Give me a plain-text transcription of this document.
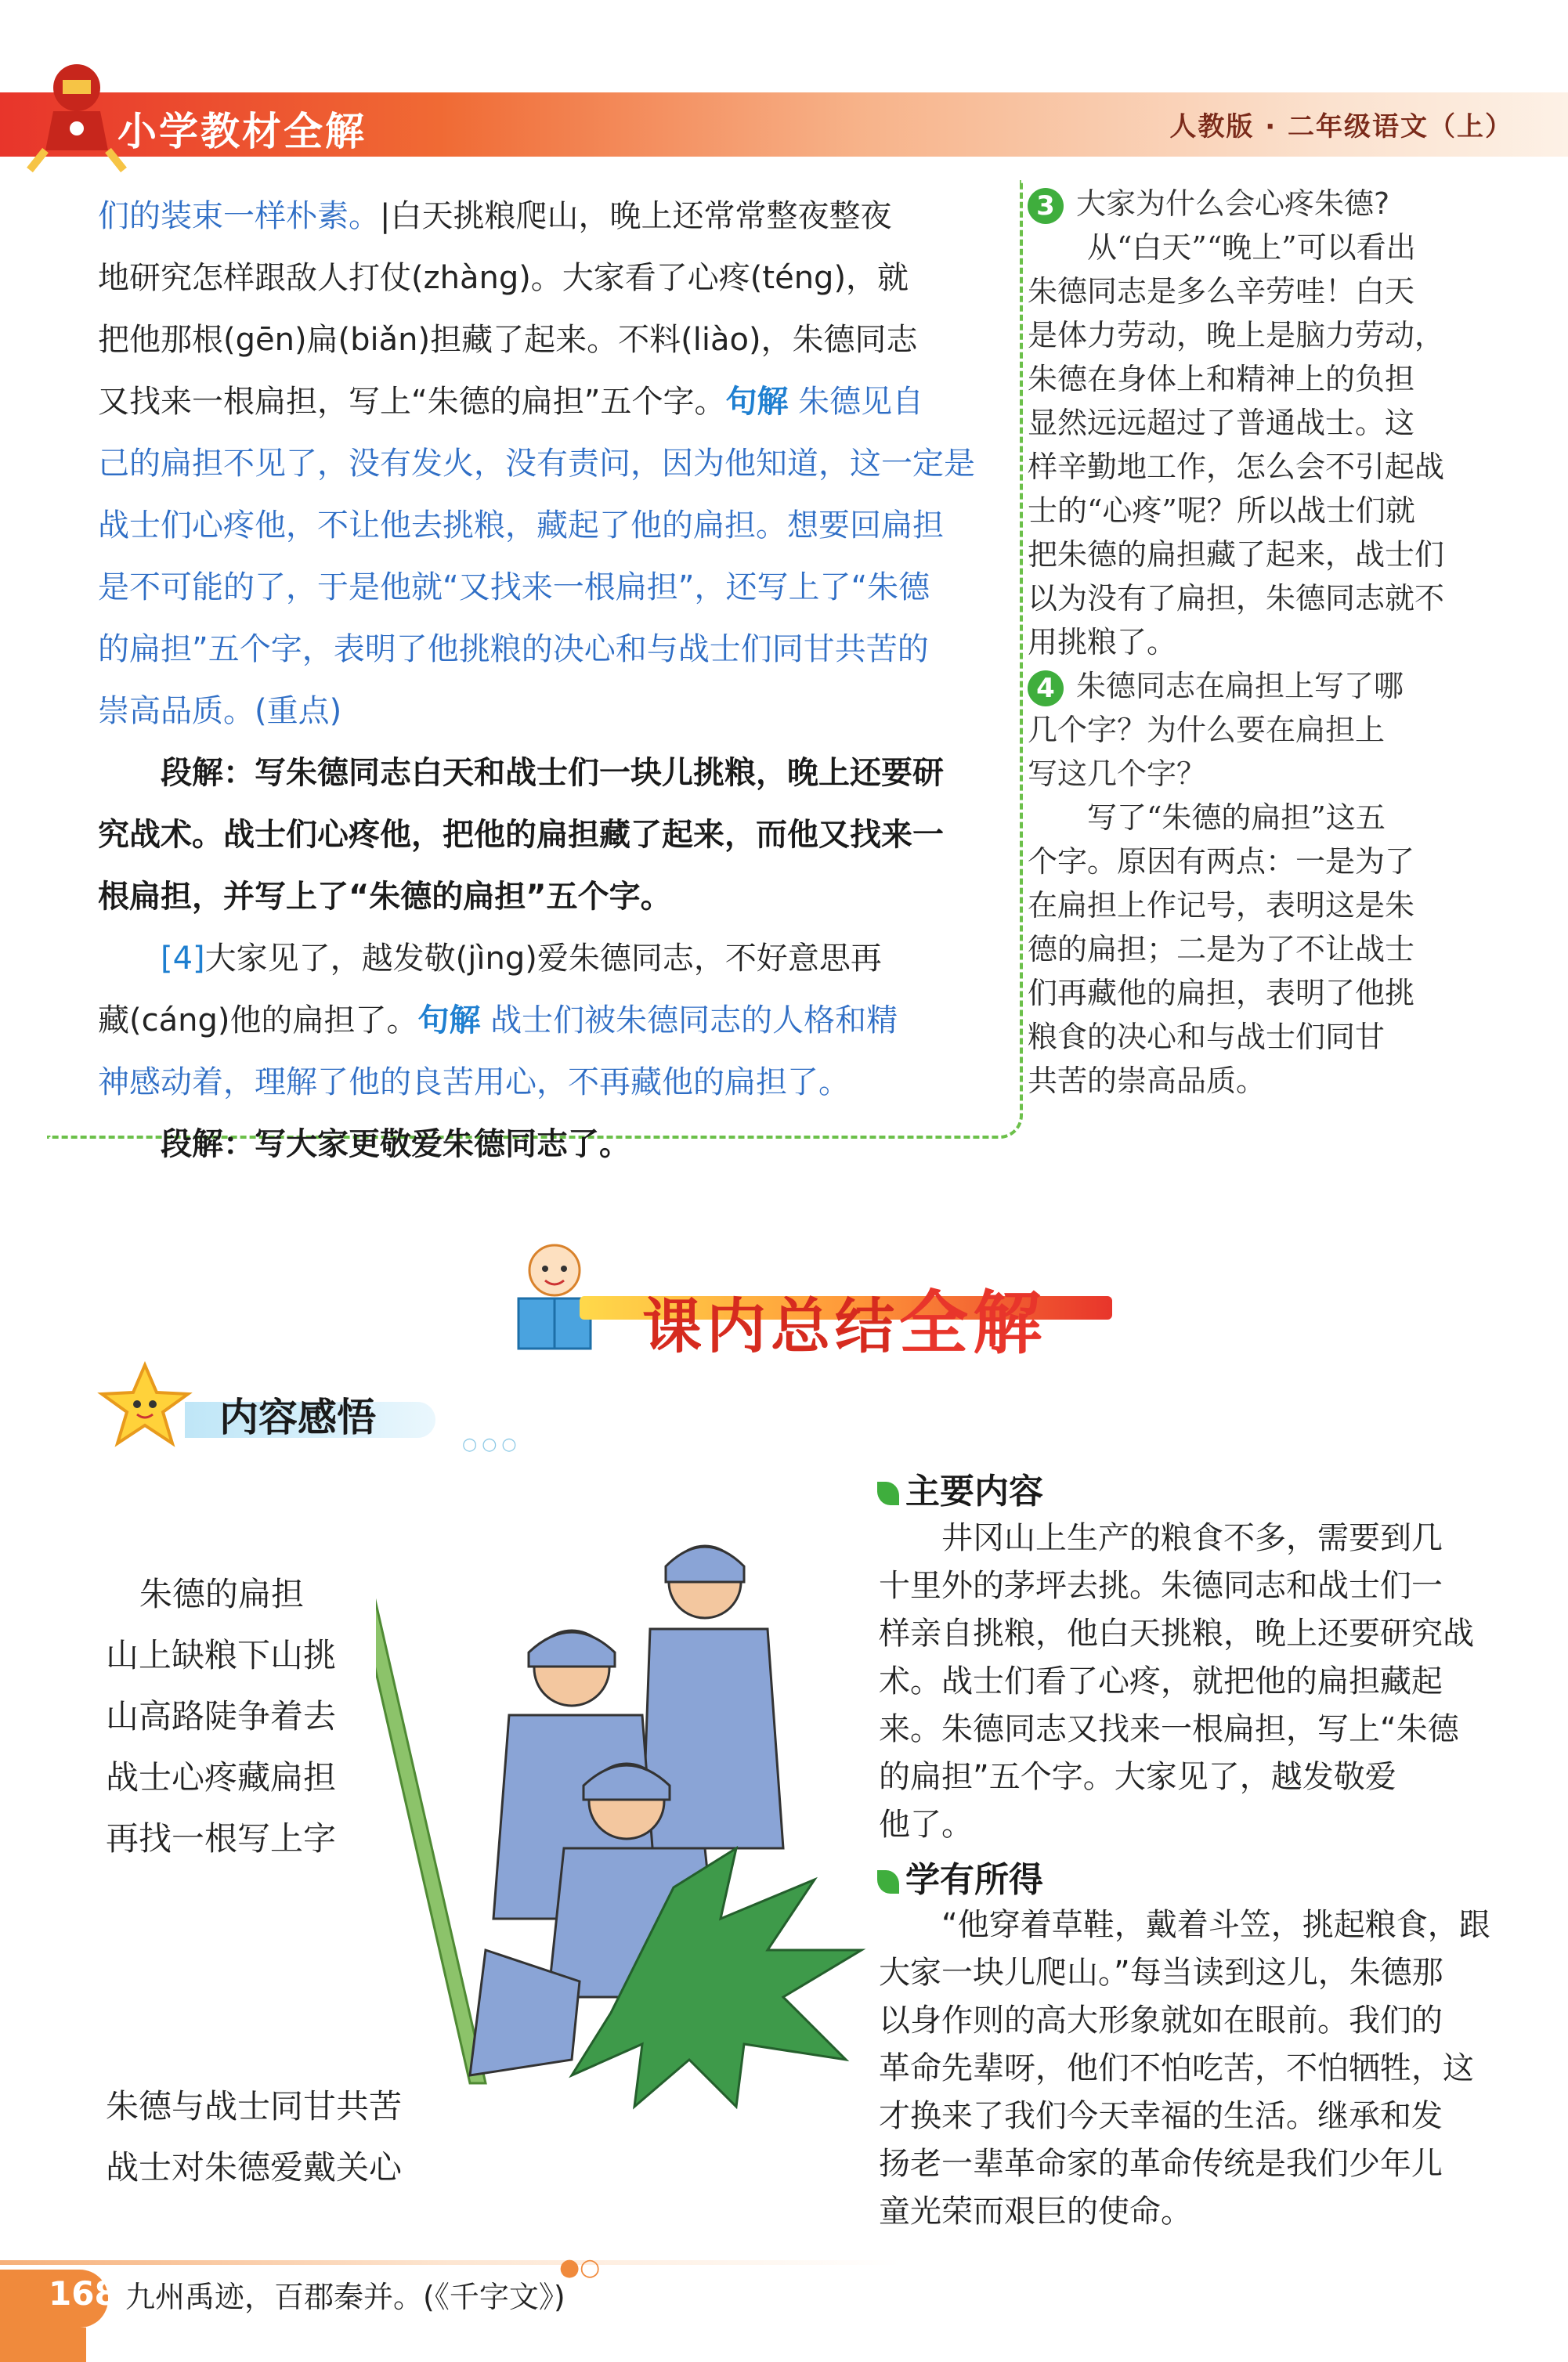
小学教材全解	人教版 · 二年级语文（上）
们的装束一样朴素。|白天挑粮爬山，晚上还常常整夜整夜
地研究怎样跟敌人打仗(zhàng)。大家看了心疼(téng)，就
把他那根(gēn)扁(biǎn)担藏了起来。不料(liào)，朱德同志
又找来一根扁担，写上“朱德的扁担”五个字。句解 朱德见自
己的扁担不见了，没有发火，没有责问，因为他知道，这一定是
战士们心疼他，不让他去挑粮，藏起了他的扁担。想要回扁担
是不可能的了，于是他就“又找来一根扁担”，还写上了“朱德
的扁担”五个字，表明了他挑粮的决心和与战士们同甘共苦的
崇高品质。(重点)
　　段解：写朱德同志白天和战士们一块儿挑粮，晚上还要研
究战术。战士们心疼他，把他的扁担藏了起来，而他又找来一
根扁担，并写上了“朱德的扁担”五个字。
　　[4]大家见了，越发敬(jìng)爱朱德同志，不好意思再
藏(cáng)他的扁担了。句解 战士们被朱德同志的人格和精
神感动着，理解了他的良苦用心，不再藏他的扁担了。
　　段解：写大家更敬爱朱德同志了。
3 大家为什么会心疼朱德?
　　从“白天”“晚上”可以看出
朱德同志是多么辛劳哇！白天
是体力劳动，晚上是脑力劳动，
朱德在身体上和精神上的负担
显然远远超过了普通战士。这
样辛勤地工作，怎么会不引起战
士的“心疼”呢？所以战士们就
把朱德的扁担藏了起来，战士们
以为没有了扁担，朱德同志就不
用挑粮了。
4 朱德同志在扁担上写了哪
几个字？为什么要在扁担上
写这几个字？
　　写了“朱德的扁担”这五
个字。原因有两点：一是为了
在扁担上作记号，表明这是朱
德的扁担；二是为了不让战士
们再藏他的扁担，表明了他挑
粮食的决心和与战士们同甘
共苦的崇高品质。
课内总结全解
内容感悟
○○○
朱德的扁担
山上缺粮下山挑
山高路陡争着去
战士心疼藏扁担
再找一根写上字
朱德与战士同甘共苦
战士对朱德爱戴关心
主要内容
　　井冈山上生产的粮食不多，需要到几
十里外的茅坪去挑。朱德同志和战士们一
样亲自挑粮，他白天挑粮，晚上还要研究战
术。战士们看了心疼，就把他的扁担藏起
来。朱德同志又找来一根扁担，写上“朱德
的扁担”五个字。大家见了，越发敬爱
他了。
学有所得
　　“他穿着草鞋，戴着斗笠，挑起粮食，跟
大家一块儿爬山。”每当读到这儿，朱德那
以身作则的高大形象就如在眼前。我们的
革命先辈呀，他们不怕吃苦，不怕牺牲，这
才换来了我们今天幸福的生活。继承和发
扬老一辈革命家的革命传统是我们少年儿
童光荣而艰巨的使命。
168
●○
九州禹迹，百郡秦并。(《千字文》)
